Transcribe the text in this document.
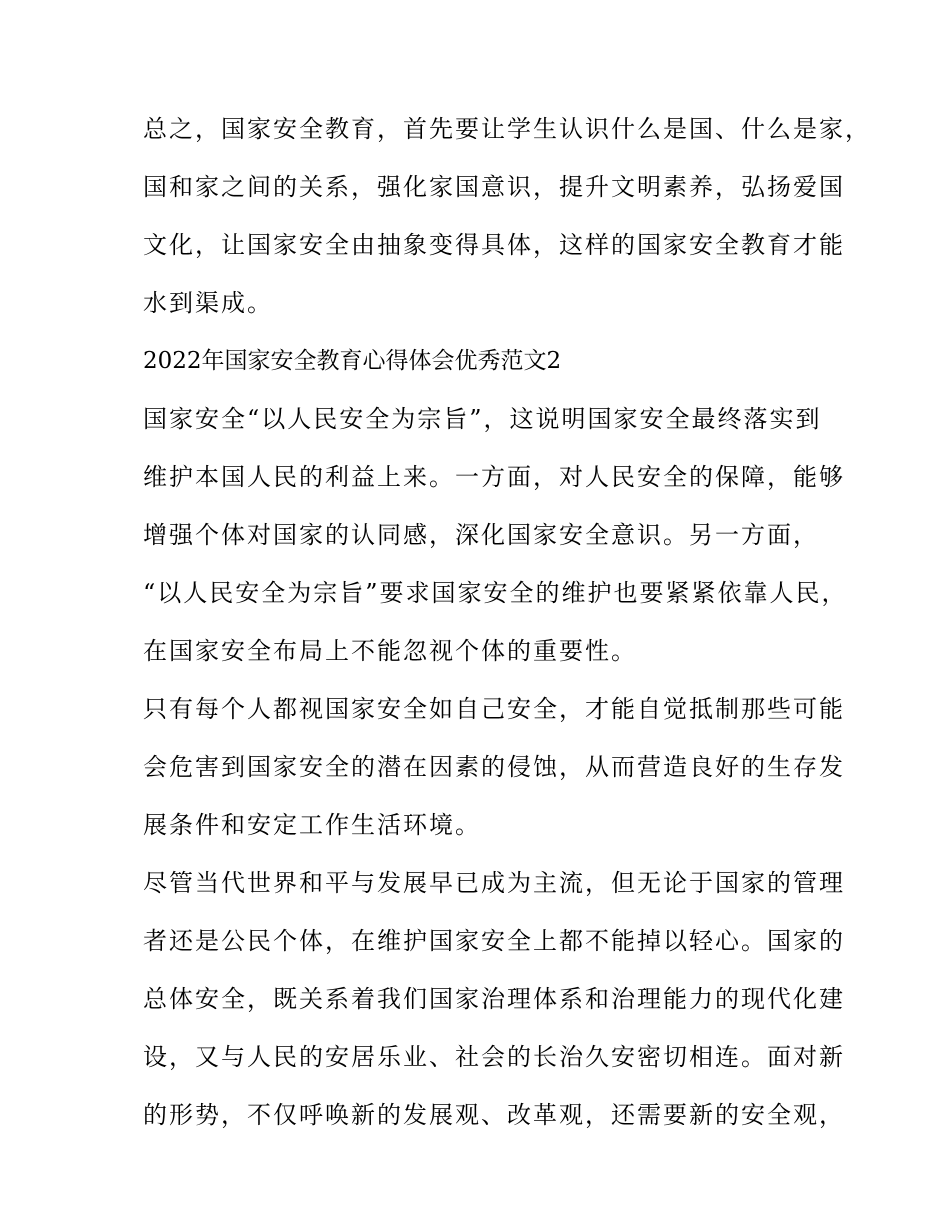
总之，国家安全教育，首先要让学生认识什么是国、什么是家，
国和家之间的关系，强化家国意识，提升文明素养，弘扬爱国
文化，让国家安全由抽象变得具体，这样的国家安全教育才能
水到渠成。
2022年国家安全教育心得体会优秀范文2
国家安全“以人民安全为宗旨”，这说明国家安全最终落实到
维护本国人民的利益上来。一方面，对人民安全的保障，能够
增强个体对国家的认同感，深化国家安全意识。另一方面，
“以人民安全为宗旨”要求国家安全的维护也要紧紧依靠人民，
在国家安全布局上不能忽视个体的重要性。
只有每个人都视国家安全如自己安全，才能自觉抵制那些可能
会危害到国家安全的潜在因素的侵蚀，从而营造良好的生存发
展条件和安定工作生活环境。
尽管当代世界和平与发展早已成为主流，但无论于国家的管理
者还是公民个体，在维护国家安全上都不能掉以轻心。国家的
总体安全，既关系着我们国家治理体系和治理能力的现代化建
设，又与人民的安居乐业、社会的长治久安密切相连。面对新
的形势，不仅呼唤新的发展观、改革观，还需要新的安全观，
